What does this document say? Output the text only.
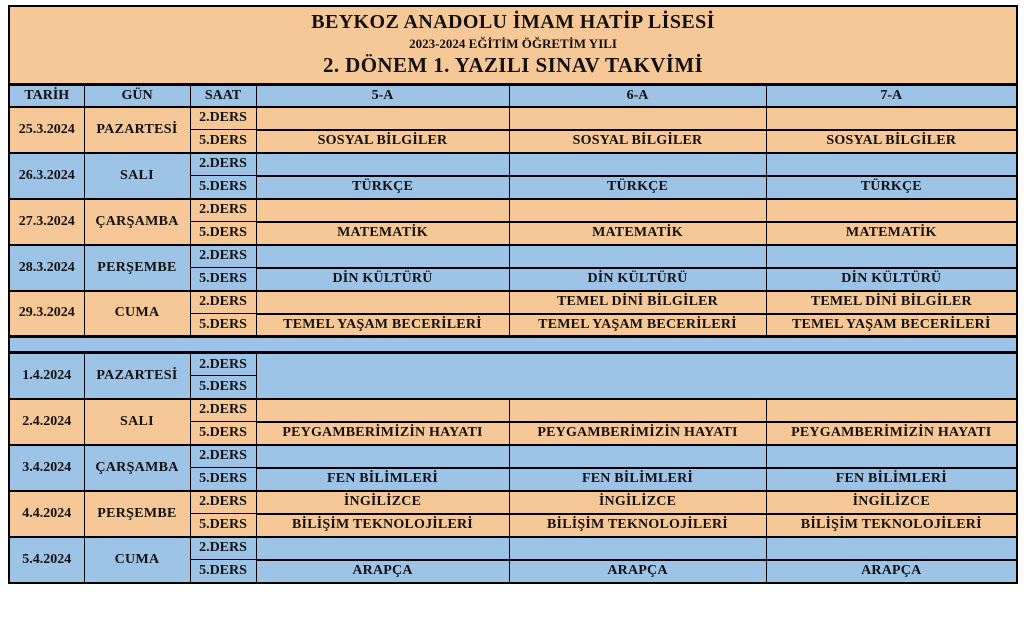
BEYKOZ ANADOLU İMAM HATİP LİSESİ
2023-2024 EĞİTİM ÖĞRETİM YILI
2. DÖNEM 1. YAZILI SINAV TAKVİMİ					

TARİH	GÜN	SAAT	5-A	6-A	7-A
25.3.2024	PAZARTESİ	2.DERS			
		5.DERS	SOSYAL BİLGİLER	SOSYAL BİLGİLER	SOSYAL BİLGİLER
26.3.2024	SALI	2.DERS			
		5.DERS	TÜRKÇE	TÜRKÇE	TÜRKÇE
27.3.2024	ÇARŞAMBA	2.DERS			
		5.DERS	MATEMATİK	MATEMATİK	MATEMATİK
28.3.2024	PERŞEMBE	2.DERS			
		5.DERS	DİN KÜLTÜRÜ	DİN KÜLTÜRÜ	DİN KÜLTÜRÜ
29.3.2024	CUMA	2.DERS		TEMEL DİNİ BİLGİLER	TEMEL DİNİ BİLGİLER
		5.DERS	TEMEL YAŞAM BECERİLERİ	TEMEL YAŞAM BECERİLERİ	TEMEL YAŞAM BECERİLERİ

1.4.2024	PAZARTESİ	2.DERS			
		5.DERS			
2.4.2024	SALI	2.DERS			
		5.DERS	PEYGAMBERİMİZİN HAYATI	PEYGAMBERİMİZİN HAYATI	PEYGAMBERİMİZİN HAYATI
3.4.2024	ÇARŞAMBA	2.DERS			
		5.DERS	FEN BİLİMLERİ	FEN BİLİMLERİ	FEN BİLİMLERİ
4.4.2024	PERŞEMBE	2.DERS	İNGİLİZCE	İNGİLİZCE	İNGİLİZCE
		5.DERS	BİLİŞİM TEKNOLOJİLERİ	BİLİŞİM TEKNOLOJİLERİ	BİLİŞİM TEKNOLOJİLERİ
5.4.2024	CUMA	2.DERS			
		5.DERS	ARAPÇA	ARAPÇA	ARAPÇA
